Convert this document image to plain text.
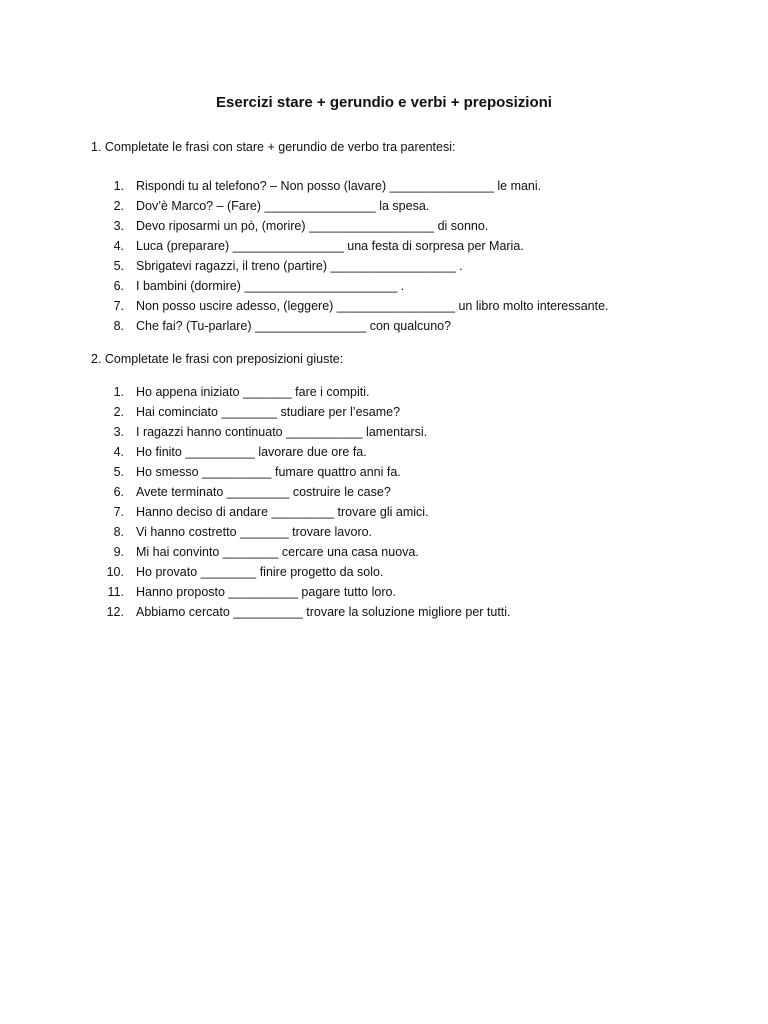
Esercizi stare + gerundio e verbi + preposizioni
1. Completate le frasi con stare + gerundio de verbo tra parentesi:
1. Rispondi tu al telefono? – Non posso (lavare) _______________ le mani.
2. Dov’è Marco? – (Fare) ________________ la spesa.
3. Devo riposarmi un pò, (morire) __________________ di sonno.
4. Luca (preparare) ________________ una festa di sorpresa per Maria.
5. Sbrigatevi ragazzi, il treno (partire) __________________ .
6. I bambini (dormire) ______________________ .
7. Non posso uscire adesso, (leggere) _________________ un libro molto interessante.
8. Che fai? (Tu-parlare) ________________ con qualcuno?
2. Completate le frasi con preposizioni giuste:
1. Ho appena iniziato _______ fare i compiti.
2. Hai cominciato ________ studiare per l’esame?
3. I ragazzi hanno continuato ___________ lamentarsi.
4. Ho finito __________ lavorare due ore fa.
5. Ho smesso __________ fumare quattro anni fa.
6. Avete terminato _________ costruire le case?
7. Hanno deciso di andare _________ trovare gli amici.
8. Vi hanno costretto _______ trovare lavoro.
9. Mi hai convinto ________ cercare una casa nuova.
10. Ho provato ________ finire progetto da solo.
11. Hanno proposto __________ pagare tutto loro.
12. Abbiamo cercato __________ trovare la soluzione migliore per tutti.
